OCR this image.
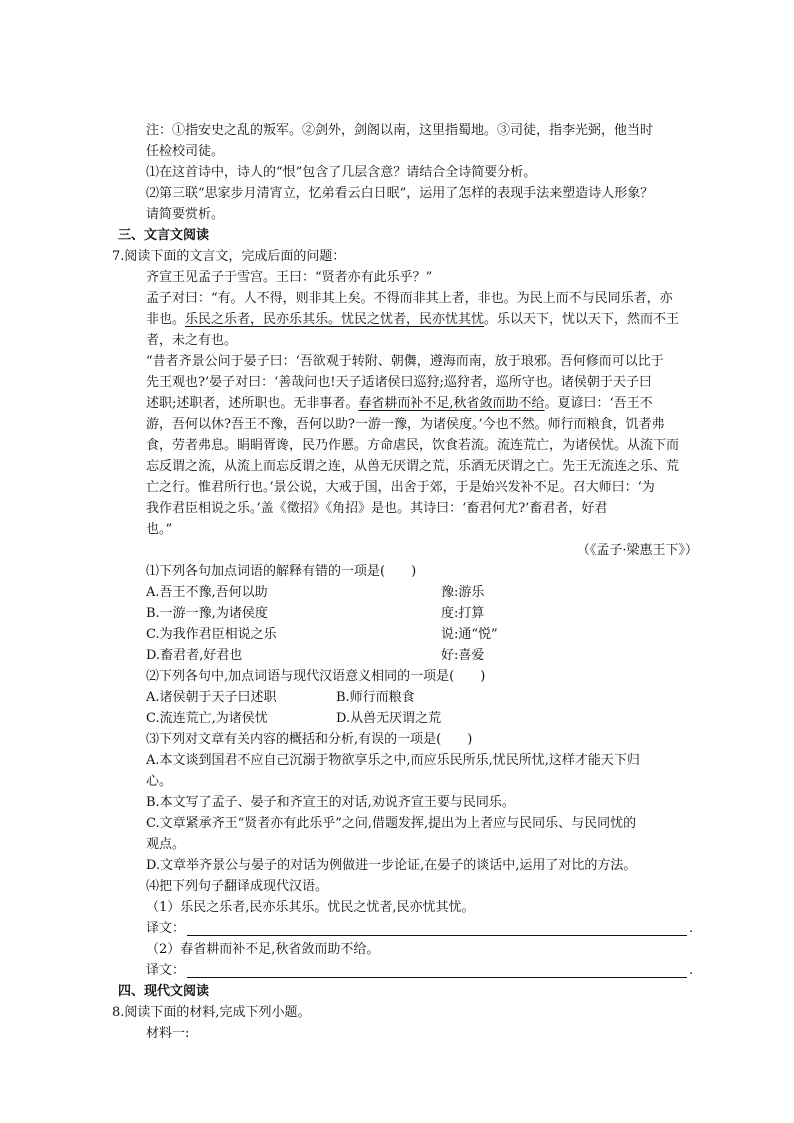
注：①指安史之乱的叛军。②剑外，剑阁以南，这里指蜀地。③司徒，指李光弼，他当时
任检校司徒。
⑴在这首诗中，诗人的“恨”包含了几层含意？请结合全诗简要分析。
⑵第三联“思家步月清宵立，忆弟看云白日眠”，运用了怎样的表现手法来塑造诗人形象？
请简要赏析。
三、文言文阅读
7.阅读下面的文言文，完成后面的问题：
齐宣王见孟子于雪宫。王曰：“贤者亦有此乐乎？”
孟子对曰：“有。人不得，则非其上矣。不得而非其上者，非也。为民上而不与民同乐者，亦
非也。乐民之乐者，民亦乐其乐。忧民之忧者，民亦忧其忧。乐以天下，忧以天下，然而不王
者，未之有也。
“昔者齐景公问于晏子曰：‘吾欲观于转附、朝儛，遵海而南，放于琅邪。吾何修而可以比于
先王观也?’晏子对曰：‘善哉问也!天子适诸侯曰巡狩;巡狩者，巡所守也。诸侯朝于天子曰
述职;述职者，述所职也。无非事者。春省耕而补不足,秋省敛而助不给。夏谚曰：‘吾王不
游，吾何以休?吾王不豫，吾何以助?一游一豫，为诸侯度。’今也不然。师行而粮食，饥者弗
食，劳者弗息。睊睊胥谗，民乃作慝。方命虐民，饮食若流。流连荒亡，为诸侯忧。从流下而
忘反谓之流，从流上而忘反谓之连，从兽无厌谓之荒，乐酒无厌谓之亡。先王无流连之乐、荒
亡之行。惟君所行也。’景公说，大戒于国，出舍于郊，于是始兴发补不足。召大师曰：‘为
我作君臣相说之乐。’盖《徵招》《角招》是也。其诗曰：‘畜君何尤?’畜君者，好君
也。”
（《孟子·梁惠王下》）
⑴下列各句加点词语的解释有错的一项是(　　)
A.吾王不豫,吾何以助	豫:游乐
B.一游一豫,为诸侯度	度:打算
C.为我作君臣相说之乐	说:通“悦”
D.畜君者,好君也	好:喜爱
⑵下列各句中,加点词语与现代汉语意义相同的一项是(　　)
A.诸侯朝于天子曰述职	B.师行而粮食
C.流连荒亡,为诸侯忧	D.从兽无厌谓之荒
⑶下列对文章有关内容的概括和分析,有误的一项是(　　)
A.本文谈到国君不应自己沉溺于物欲享乐之中,而应乐民所乐,忧民所忧,这样才能天下归
心。
B.本文写了孟子、晏子和齐宣王的对话,劝说齐宣王要与民同乐。
C.文章紧承齐王“贤者亦有此乐乎”之问,借题发挥,提出为上者应与民同乐、与民同忧的
观点。
D.文章举齐景公与晏子的对话为例做进一步论证,在晏子的谈话中,运用了对比的方法。
⑷把下列句子翻译成现代汉语。
（1）乐民之乐者,民亦乐其乐。忧民之忧者,民亦忧其忧。
译文：	.
（2）春省耕而补不足,秋省敛而助不给。
译文：	.
四、现代文阅读
8.阅读下面的材料,完成下列小题。
材料一:
